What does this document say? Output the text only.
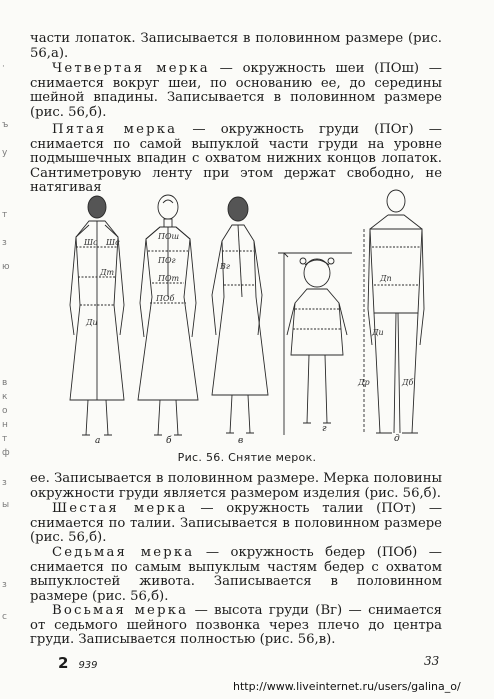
·
ъ
у
т
з
ю
в
к
о
н
т
ф
з
ы
з
с

части лопаток. Записывается в половинном размере (рис. 56,а).

Четвертая мерка — окружность шеи (ПОш) — снимается вокруг шеи, по основанию ее, до середины шейной впадины. Записывается в половинном размере (рис. 56,б).

Пятая мерка — окружность груди (ПОг) — снимается по самой выпуклой части груди на уровне подмышечных впадин с охватом нижних концов лопаток. Сантиметровую ленту при этом держат свободно, не натягивая

Шс Шс
Ди
Дт
ПОш
ПОг
ПОт
ПОб
Вг
Дп
Др	Дб
Ди
а	б	в
г
д
Рис. 56. Снятие мерок.

ее. Записывается в половинном размере. Мерка половины окружности груди является размером изделия (рис. 56,б).

Шестая мерка — окружность талии (ПОт) — снимается по талии. Записывается в половинном размере (рис. 56,б).

Седьмая мерка — окружность бедер (ПОб) — снимается по самым выпуклым частям бедер с охватом выпуклостей живота. Записывается в половинном размере (рис. 56,б).

Восьмая мерка — высота груди (Вг) — снимается от седьмого шейного позвонка через плечо до центра груди. Записывается полностью (рис. 56,в).

2 939	33
http://www.liveinternet.ru/users/galina_o/
